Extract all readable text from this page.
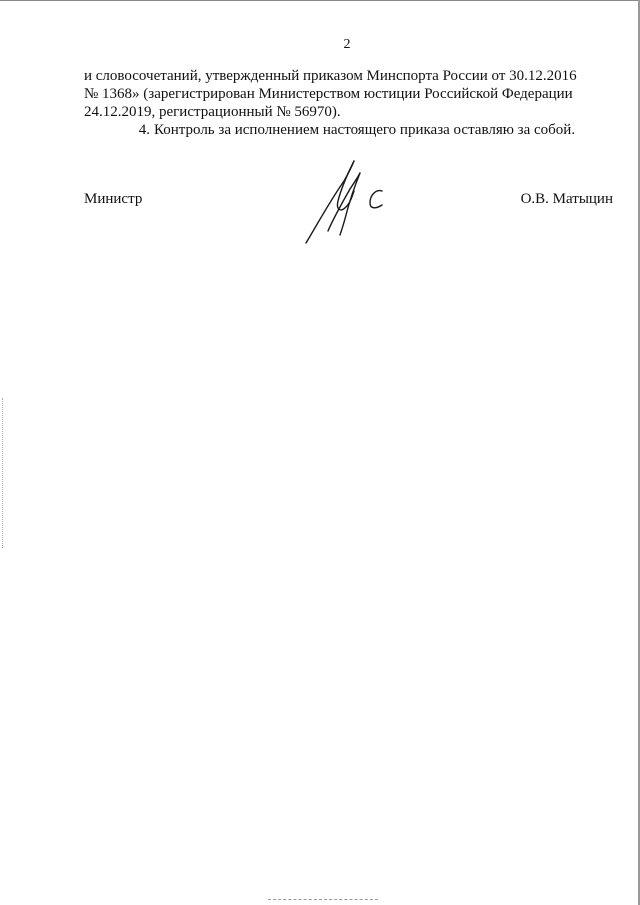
2

и словосочетаний, утвержденный приказом Минспорта России от 30.12.2016
№ 1368» (зарегистрирован Министерством юстиции Российской Федерации
24.12.2019, регистрационный № 56970).

4. Контроль за исполнением настоящего приказа оставляю за собой.

Министр	О.В. Матыцин
